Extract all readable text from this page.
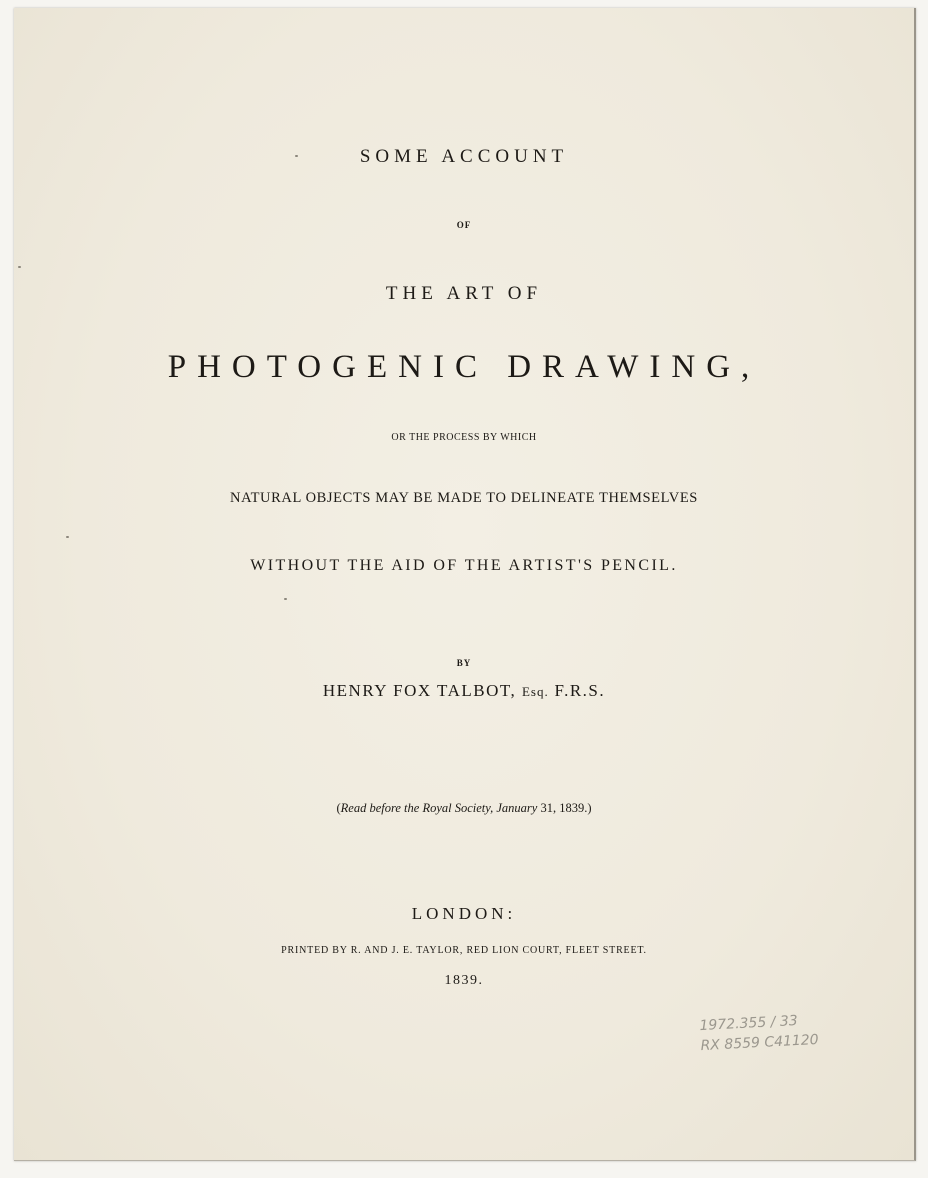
SOME ACCOUNT
OF
THE ART OF
PHOTOGENIC DRAWING,
OR THE PROCESS BY WHICH
NATURAL OBJECTS MAY BE MADE TO DELINEATE THEMSELVES
WITHOUT THE AID OF THE ARTIST'S PENCIL.
BY
HENRY FOX TALBOT, Esq. F.R.S.
(Read before the Royal Society, January 31, 1839.)
LONDON:
PRINTED BY R. AND J. E. TAYLOR, RED LION COURT, FLEET STREET.
1839.
1972.355 / 33
RX 8559 C41120
